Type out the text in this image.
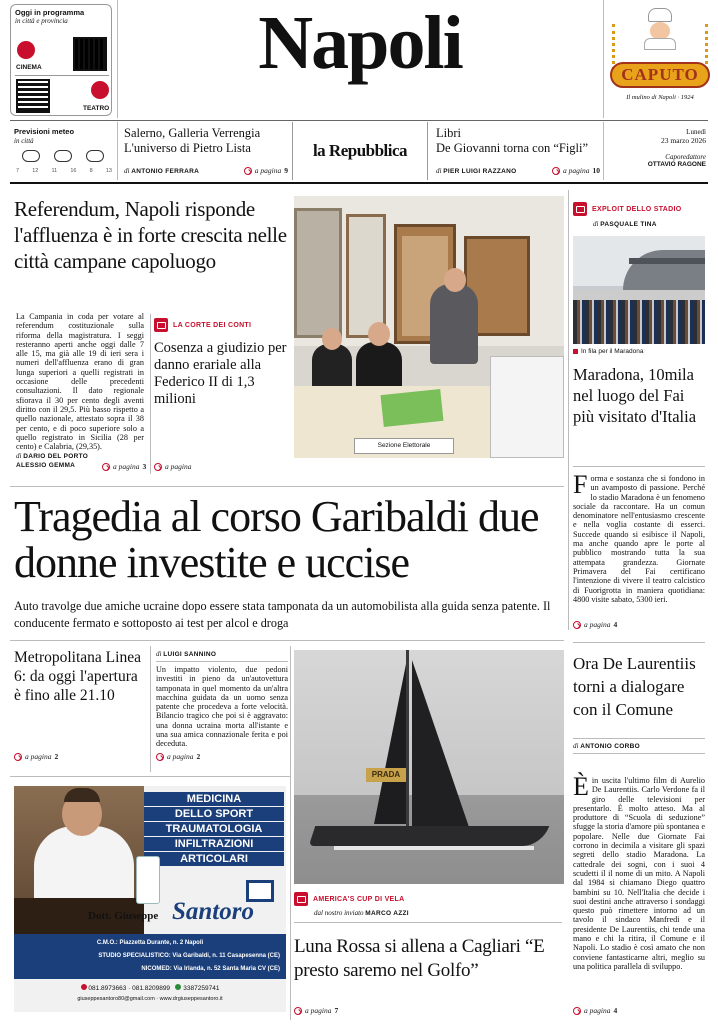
Oggi in programma
in città e provincia
CINEMA
TEATRO
Napoli	CAPUTO
Il mulino di Napoli · 1924
Previsioni meteo
in città
7 12 11 16 8 13
Salerno, Galleria Verrengia
L'universo di Pietro Lista
di ANTONIO FERRARA	a pagina 9
la Repubblica
Libri
De Giovanni torna con “Figli”
di PIER LUIGI RAZZANO	a pagina 10
Lunedì
23 marzo 2026
Caporedattore
OTTAVIO RAGONE
Referendum, Napoli risponde l'affluenza è in forte crescita nelle città campane capoluogo
La Campania in coda per votare al referendum costituzionale sulla riforma della magistratura. I seggi resteranno aperti anche oggi dalle 7 alle 15, ma già alle 19 di ieri sera i numeri dell'affluenza erano di gran lunga superiori a quelli registrati in occasione delle precedenti consultazioni. Il dato regionale sfiorava il 30 per cento degli aventi diritto con il 29,5. Più basso rispetto a quello nazionale, attestato sopra il 38 per cento, e di poco superiore solo a quello registrato in Sicilia (28 per cento) e Calabria, (29,35).
di DARIO DEL PORTO
ALESSIO GEMMA	a pagina 3
LA CORTE DEI CONTI
Cosenza a giudizio per danno erariale alla Federico II di 1,3 milioni
a pagina
Sezione Elettorale
EXPLOIT DELLO STADIO
di PASQUALE TINA
In fila per il Maradona
Maradona, 10mila nel luogo del Fai più visitato d'Italia
Forma e sostanza che si fondono in un avamposto di passione. Perché lo stadio Maradona è un fenomeno sociale da raccontare. Ha un comun denominatore nell'entusiasmo crescente e nella voglia costante di esserci. Succede quando si esibisce il Napoli, ma anche quando apre le porte al pubblico mostrando tutta la sua attempata grandezza. Giornate Primavera del Fai certificano l'intenzione di vivere il teatro calcistico di Fuorigrotta in maniera quotidiana: 4800 visite sabato, 5300 ieri.
a pagina 4
Tragedia al corso Garibaldi due donne investite e uccise
Auto travolge due amiche ucraine dopo essere stata tamponata da un automobilista alla guida senza patente. Il conducente fermato e sottoposto ai test per alcol e droga
Metropolitana Linea 6: da oggi l'apertura è fino alle 21.10
a pagina 2
di LUIGI SANNINO
Un impatto violento, due pedoni investiti in pieno da un'autovettura tamponata in quel momento da un'altra macchina guidata da un uomo senza patente che procedeva a forte velocità. Bilancio tragico che poi si è aggravato: una donna ucraina morta all'istante e una sua amica connazionale ferita e poi deceduta.
a pagina 2
MEDICINA
DELLO SPORT
TRAUMATOLOGIA
INFILTRAZIONI
ARTICOLARI
Dott. Giuseppe Santoro
C.M.O.: Piazzetta Durante, n. 2 Napoli
STUDIO SPECIALISTICO: Via Garibaldi, n. 11 Casapesenna (CE)
NICOMED: Via Irlanda, n. 52 Santa Maria CV (CE)
081.8973663 · 081.8209899 3387259741
giuseppesantoro80@gmail.com · www.drgiuseppesantoro.it
PRADA
AMERICA'S CUP DI VELA
dal nostro inviato MARCO AZZI
Luna Rossa si allena a Cagliari “E presto saremo nel Golfo”
a pagina 7
Ora De Laurentiis torni a dialogare con il Comune
di ANTONIO CORBO
Èin uscita l'ultimo film di Aurelio De Laurentiis. Carlo Verdone fa il giro delle televisioni per presentarlo. È molto atteso. Ma al produttore di “Scuola di seduzione” sfugge la storia d'amore più spontanea e popolare. Nelle due Giornate Fai corrono in decimila a visitare gli spazi segreti dello stadio Maradona. La cattedrale dei sogni, con i suoi 4 scudetti il il nome di un mito. A Napoli dal 1984 si chiamano Diego quattro bambini su 10. Nell'Italia che decide i suoi destini anche attraverso i sondaggi questo può rimettere intorno ad un tavolo il sindaco Manfredi e il presidente De Laurentiis, chi tende una mano e chi la ritira, il Comune e il Napoli. Lo stadio è così amato che non conviene fantasticarne altri, meglio su una politica parallela di sviluppo.
a pagina 4
